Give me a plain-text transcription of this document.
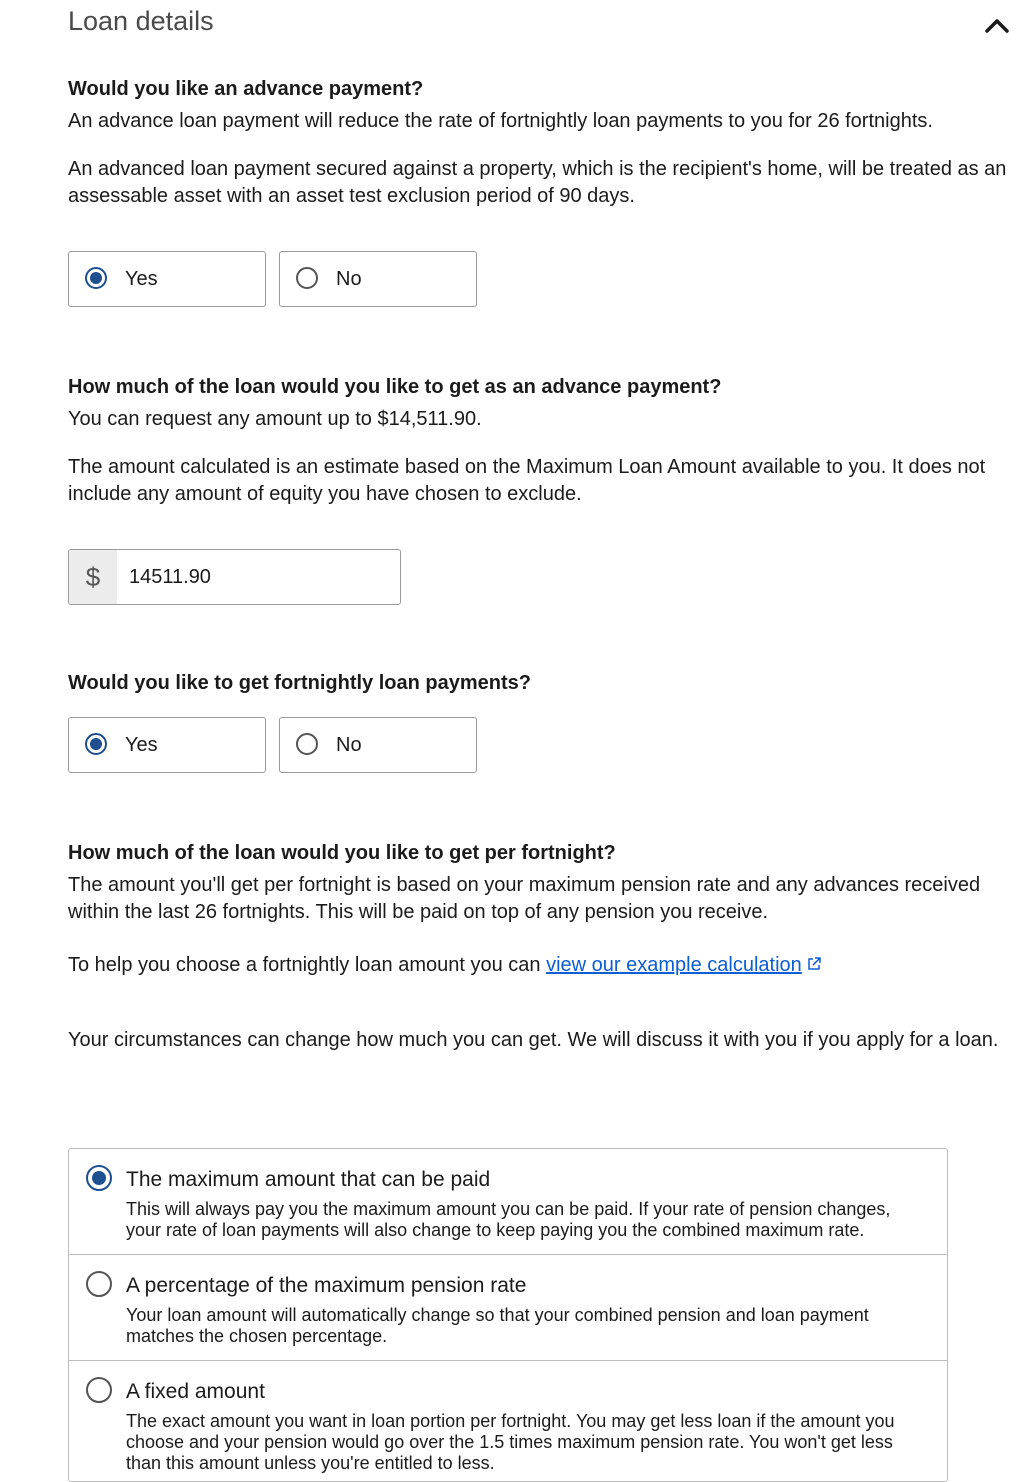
Loan details

Would you like an advance payment?

An advance loan payment will reduce the rate of fortnightly loan payments to you for 26 fortnights.

An advanced loan payment secured against a property, which is the recipient's home, will be treated as an assessable asset with an asset test exclusion period of 90 days.

Yes	No

How much of the loan would you like to get as an advance payment?

You can request any amount up to $14,511.90.

The amount calculated is an estimate based on the Maximum Loan Amount available to you. It does not include any amount of equity you have chosen to exclude.

$
14511.90

Would you like to get fortnightly loan payments?

Yes	No

How much of the loan would you like to get per fortnight?

The amount you'll get per fortnight is based on your maximum pension rate and any advances received within the last 26 fortnights. This will be paid on top of any pension you receive.

To help you choose a fortnightly loan amount you can view our example calculation

Your circumstances can change how much you can get. We will discuss it with you if you apply for a loan.

The maximum amount that can be paid
This will always pay you the maximum amount you can be paid. If your rate of pension changes, your rate of loan payments will also change to keep paying you the combined maximum rate.
A percentage of the maximum pension rate
Your loan amount will automatically change so that your combined pension and loan payment matches the chosen percentage.
A fixed amount
The exact amount you want in loan portion per fortnight. You may get less loan if the amount you choose and your pension would go over the 1.5 times maximum pension rate. You won't get less than this amount unless you're entitled to less.
